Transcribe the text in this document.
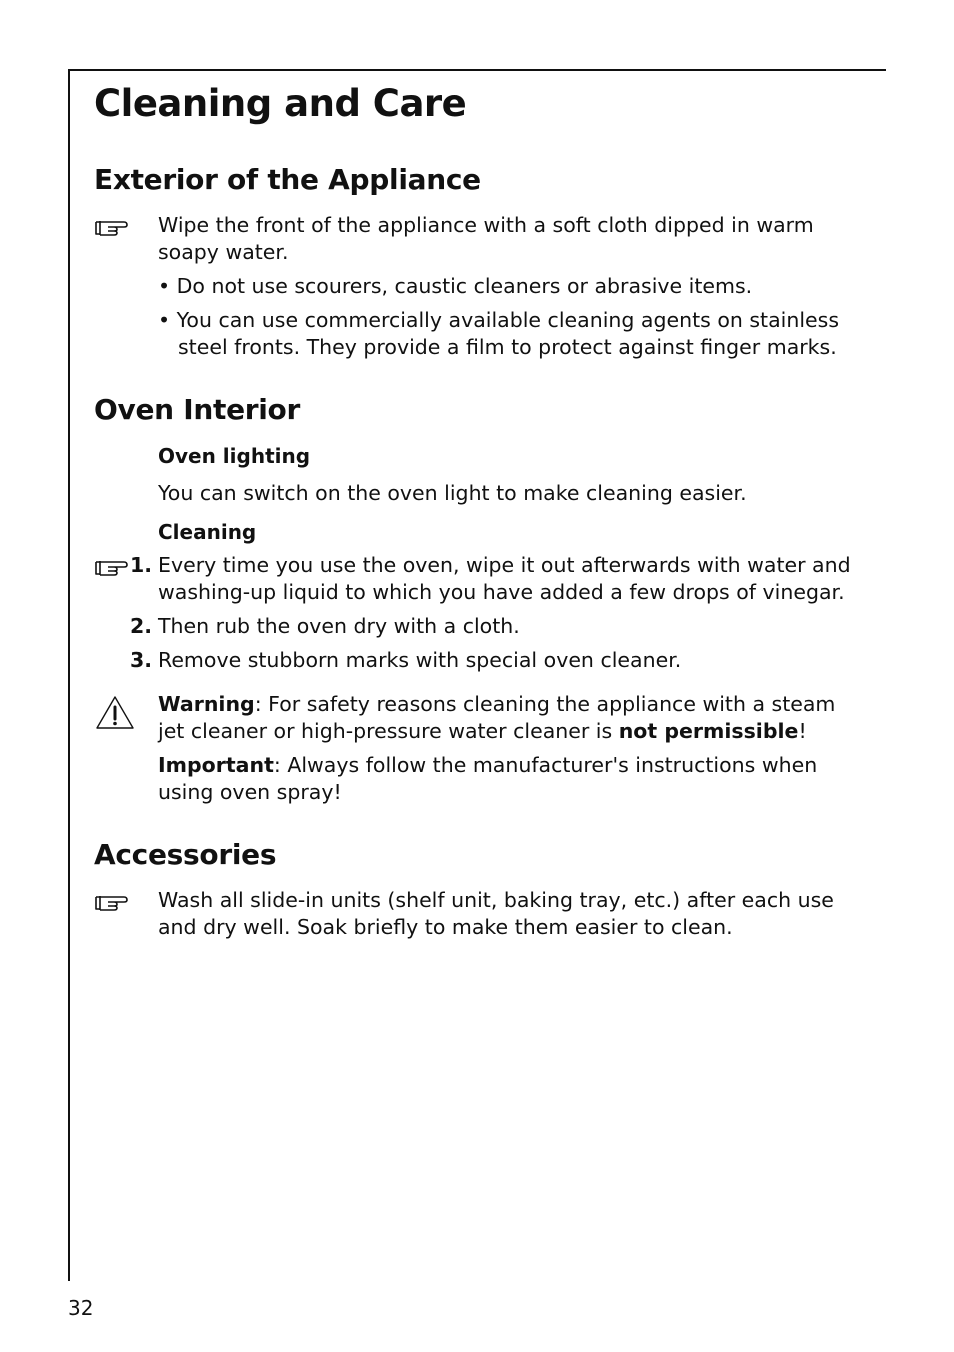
Cleaning and Care
Exterior of the Appliance

Wipe the front of the appliance with a soft cloth dipped in warm soapy water.

• Do not use scourers, caustic cleaners or abrasive items.

• You can use commercially available cleaning agents on stainless steel fronts. They provide a film to protect against finger marks.

Oven Interior
Oven lighting

You can switch on the oven light to make cleaning easier.

Cleaning
1. Every time you use the oven, wipe it out afterwards with water and washing-up liquid to which you have added a few drops of vinegar.

2. Then rub the oven dry with a cloth.

3. Remove stubborn marks with special oven cleaner.

Warning: For safety reasons cleaning the appliance with a steam jet cleaner or high-pressure water cleaner is not permissible!

Important: Always follow the manufacturer's instructions when using oven spray!

Accessories

Wash all slide-in units (shelf unit, baking tray, etc.) after each use and dry well. Soak briefly to make them easier to clean.

32
